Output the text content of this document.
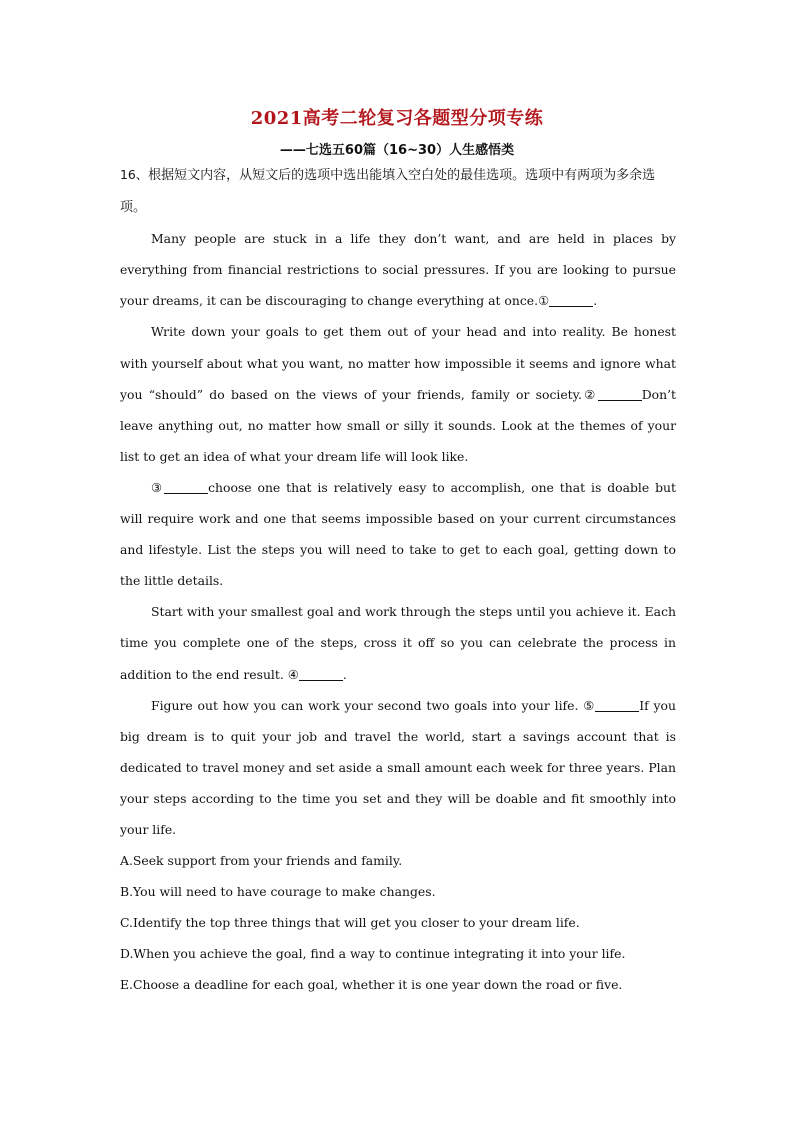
2021高考二轮复习各题型分项专练
——七选五60篇（16~30）人生感悟类

16、根据短文内容，从短文后的选项中选出能填入空白处的最佳选项。选项中有两项为多余选项。

Many people are stuck in a life they don’t want, and are held in places by everything from financial restrictions to social pressures. If you are looking to pursue your dreams, it can be discouraging to change everything at once.①	.

Write down your goals to get them out of your head and into reality. Be honest with yourself about what you want, no matter how impossible it seems and ignore what you “should” do based on the views of your friends, family or society.②	Don’t leave anything out, no matter how small or silly it sounds. Look at the themes of your list to get an idea of what your dream life will look like.

③	choose one that is relatively easy to accomplish, one that is doable but will require work and one that seems impossible based on your current circumstances and lifestyle. List the steps you will need to take to get to each goal, getting down to the little details.

Start with your smallest goal and work through the steps until you achieve it. Each time you complete one of the steps, cross it off so you can celebrate the process in addition to the end result. ④	.

Figure out how you can work your second two goals into your life. ⑤	If you big dream is to quit your job and travel the world, start a savings account that is dedicated to travel money and set aside a small amount each week for three years. Plan your steps according to the time you set and they will be doable and fit smoothly into your life.

A.Seek support from your friends and family.

B.You will need to have courage to make changes.

C.Identify the top three things that will get you closer to your dream life.

D.When you achieve the goal, find a way to continue integrating it into your life.

E.Choose a deadline for each goal, whether it is one year down the road or five.
